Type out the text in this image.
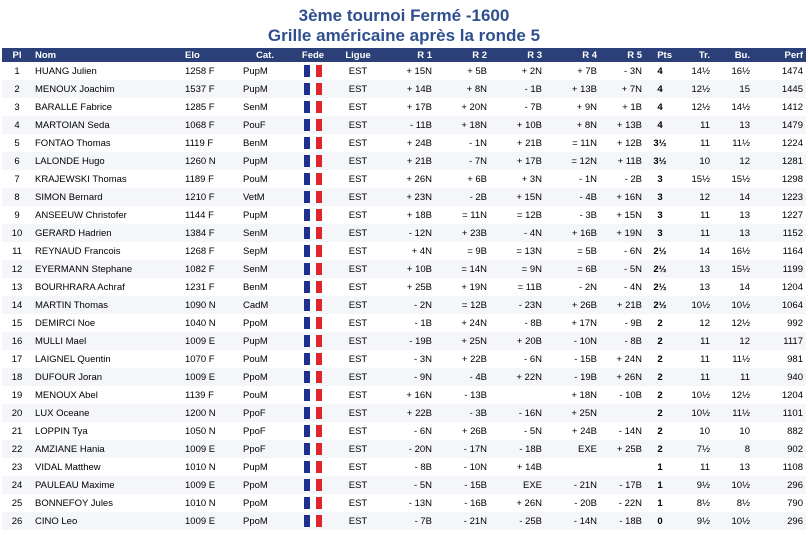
3ème tournoi Fermé -1600
Grille américaine après la ronde 5
Pl	Nom	Elo	Cat.	Fede	Ligue	R 1	R 2	R 3	R 4	R 5	Pts	Tr.	Bu.	Perf
1	HUANG Julien	1258 F	PupM		EST	+ 15N	+ 5B	+ 2N	+ 7B	- 3N	4	14½	16½	1474
2	MENOUX Joachim	1537 F	PupM		EST	+ 14B	+ 8N	- 1B	+ 13B	+ 7N	4	12½	15	1445
3	BARALLE Fabrice	1285 F	SenM		EST	+ 17B	+ 20N	- 7B	+ 9N	+ 1B	4	12½	14½	1412
4	MARTOIAN Seda	1068 F	PouF		EST	- 11B	+ 18N	+ 10B	+ 8N	+ 13B	4	11	13	1479
5	FONTAO Thomas	1119 F	BenM		EST	+ 24B	- 1N	+ 21B	= 11N	+ 12B	3½	11	11½	1224
6	LALONDE Hugo	1260 N	PupM		EST	+ 21B	- 7N	+ 17B	= 12N	+ 11B	3½	10	12	1281
7	KRAJEWSKI Thomas	1189 F	PouM		EST	+ 26N	+ 6B	+ 3N	- 1N	- 2B	3	15½	15½	1298
8	SIMON Bernard	1210 F	VetM		EST	+ 23N	- 2B	+ 15N	- 4B	+ 16N	3	12	14	1223
9	ANSEEUW Christofer	1144 F	PupM		EST	+ 18B	= 11N	= 12B	- 3B	+ 15N	3	11	13	1227
10	GERARD Hadrien	1384 F	SenM		EST	- 12N	+ 23B	- 4N	+ 16B	+ 19N	3	11	13	1152
11	REYNAUD Francois	1268 F	SepM		EST	+ 4N	= 9B	= 13N	= 5B	- 6N	2½	14	16½	1164
12	EYERMANN Stephane	1082 F	SenM		EST	+ 10B	= 14N	= 9N	= 6B	- 5N	2½	13	15½	1199
13	BOURHRARA Achraf	1231 F	BenM		EST	+ 25B	+ 19N	= 11B	- 2N	- 4N	2½	13	14	1204
14	MARTIN Thomas	1090 N	CadM		EST	- 2N	= 12B	- 23N	+ 26B	+ 21B	2½	10½	10½	1064
15	DEMIRCI Noe	1040 N	PpoM		EST	- 1B	+ 24N	- 8B	+ 17N	- 9B	2	12	12½	992
16	MULLI Mael	1009 E	PupM		EST	- 19B	+ 25N	+ 20B	- 10N	- 8B	2	11	12	1117
17	LAIGNEL Quentin	1070 F	PouM		EST	- 3N	+ 22B	- 6N	- 15B	+ 24N	2	11	11½	981
18	DUFOUR Joran	1009 E	PpoM		EST	- 9N	- 4B	+ 22N	- 19B	+ 26N	2	11	11	940
19	MENOUX Abel	1139 F	PouM		EST	+ 16N	- 13B		+ 18N	- 10B	2	10½	12½	1204
20	LUX Oceane	1200 N	PpoF		EST	+ 22B	- 3B	- 16N	+ 25N		2	10½	11½	1101
21	LOPPIN Tya	1050 N	PpoF		EST	- 6N	+ 26B	- 5N	+ 24B	- 14N	2	10	10	882
22	AMZIANE Hania	1009 E	PpoF		EST	- 20N	- 17N	- 18B	EXE	+ 25B	2	7½	8	902
23	VIDAL Matthew	1010 N	PupM		EST	- 8B	- 10N	+ 14B			1	11	13	1108
24	PAULEAU Maxime	1009 E	PpoM		EST	- 5N	- 15B	EXE	- 21N	- 17B	1	9½	10½	296
25	BONNEFOY Jules	1010 N	PpoM		EST	- 13N	- 16B	+ 26N	- 20B	- 22N	1	8½	8½	790
26	CINO Leo	1009 E	PpoM		EST	- 7B	- 21N	- 25B	- 14N	- 18B	0	9½	10½	296
